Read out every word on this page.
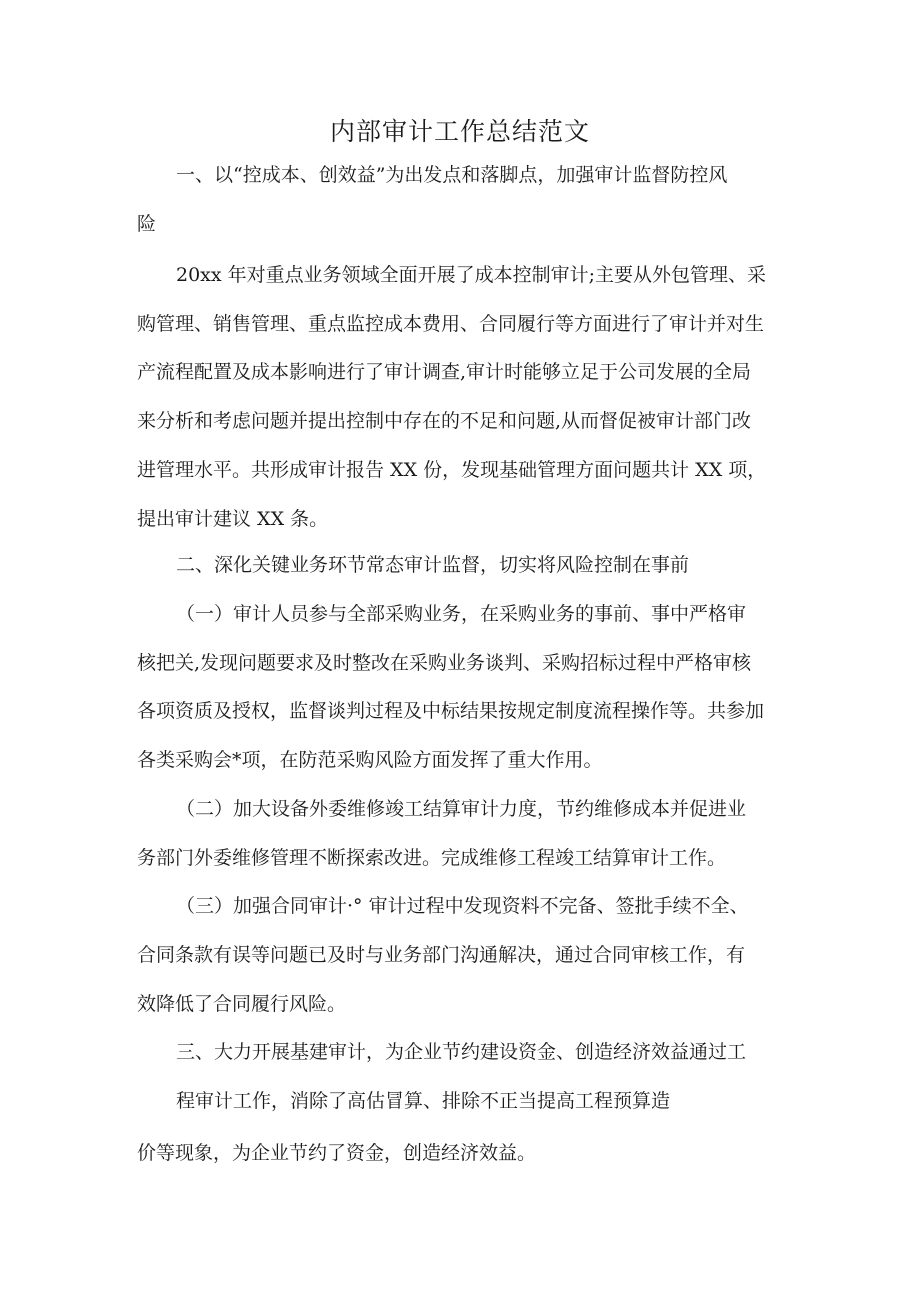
内部审计工作总结范文
一、以“控成本、创效益”为出发点和落脚点，加强审计监督防控风
险
20xx 年对重点业务领域全面开展了成本控制审计;主要从外包管理、采
购管理、销售管理、重点监控成本费用、合同履行等方面进行了审计并对生
产流程配置及成本影响进行了审计调查,审计时能够立足于公司发展的全局
来分析和考虑问题并提出控制中存在的不足和问题,从而督促被审计部门改
进管理水平。共形成审计报告 XX 份，发现基础管理方面问题共计 XX 项，
提出审计建议 XX 条。
二、深化关键业务环节常态审计监督，切实将风险控制在事前
（一）审计人员参与全部采购业务，在采购业务的事前、事中严格审
核把关,发现问题要求及时整改在采购业务谈判、采购招标过程中严格审核
各项资质及授权，监督谈判过程及中标结果按规定制度流程操作等。共参加
各类采购会*项，在防范采购风险方面发挥了重大作用。
（二）加大设备外委维修竣工结算审计力度，节约维修成本并促进业
务部门外委维修管理不断探索改进。完成维修工程竣工结算审计工作。
（三）加强合同审计·° 审计过程中发现资料不完备、签批手续不全、
合同条款有误等问题已及时与业务部门沟通解决，通过合同审核工作，有
效降低了合同履行风险。
三、大力开展基建审计，为企业节约建设资金、创造经济效益通过工
程审计工作，消除了高估冒算、排除不正当提高工程预算造
价等现象，为企业节约了资金，创造经济效益。
